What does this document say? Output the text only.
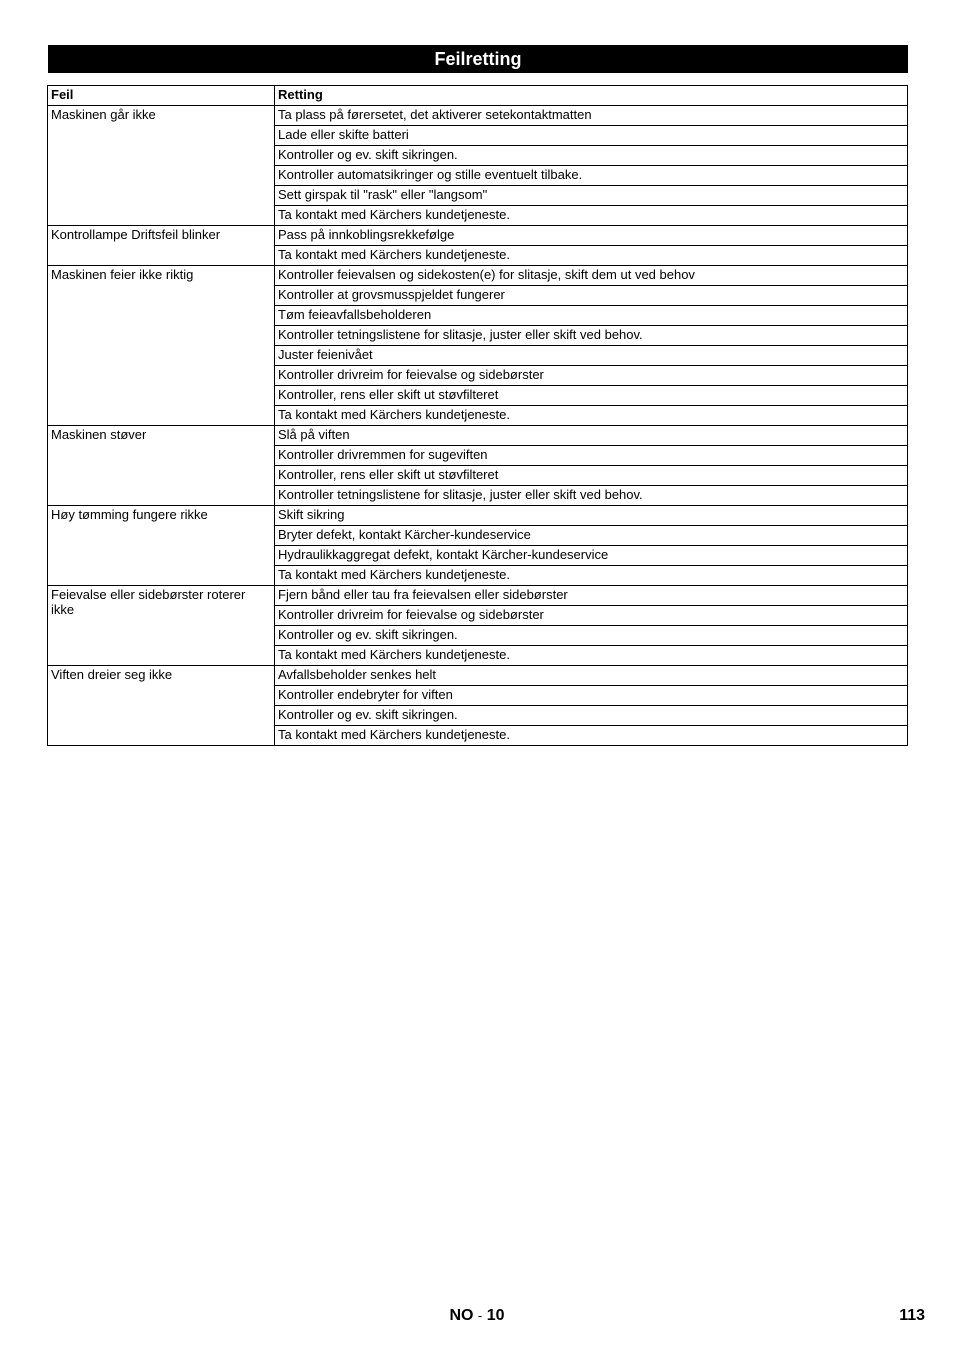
Feilretting
Feil	Retting
Maskinen går ikke	Ta plass på førersetet, det aktiverer setekontaktmatten
	Lade eller skifte batteri
	Kontroller og ev. skift sikringen.
	Kontroller automatsikringer og stille eventuelt tilbake.
	Sett girspak til "rask" eller "langsom"
	Ta kontakt med Kärchers kundetjeneste.
Kontrollampe Driftsfeil blinker	Pass på innkoblingsrekkefølge
	Ta kontakt med Kärchers kundetjeneste.
Maskinen feier ikke riktig	Kontroller feievalsen og sidekosten(e) for slitasje, skift dem ut ved behov
	Kontroller at grovsmusspjeldet fungerer
	Tøm feieavfallsbeholderen
	Kontroller tetningslistene for slitasje, juster eller skift ved behov.
	Juster feienivået
	Kontroller drivreim for feievalse og sidebørster
	Kontroller, rens eller skift ut støvfilteret
	Ta kontakt med Kärchers kundetjeneste.
Maskinen støver	Slå på viften
	Kontroller drivremmen for sugeviften
	Kontroller, rens eller skift ut støvfilteret
	Kontroller tetningslistene for slitasje, juster eller skift ved behov.
Høy tømming fungere rikke	Skift sikring
	Bryter defekt, kontakt Kärcher-kundeservice
	Hydraulikkaggregat defekt, kontakt Kärcher-kundeservice
	Ta kontakt med Kärchers kundetjeneste.
Feievalse eller sidebørster roterer ikke	Fjern bånd eller tau fra feievalsen eller sidebørster
	Kontroller drivreim for feievalse og sidebørster
	Kontroller og ev. skift sikringen.
	Ta kontakt med Kärchers kundetjeneste.
Viften dreier seg ikke	Avfallsbeholder senkes helt
	Kontroller endebryter for viften
	Kontroller og ev. skift sikringen.
	Ta kontakt med Kärchers kundetjeneste.
NO - 10	113
